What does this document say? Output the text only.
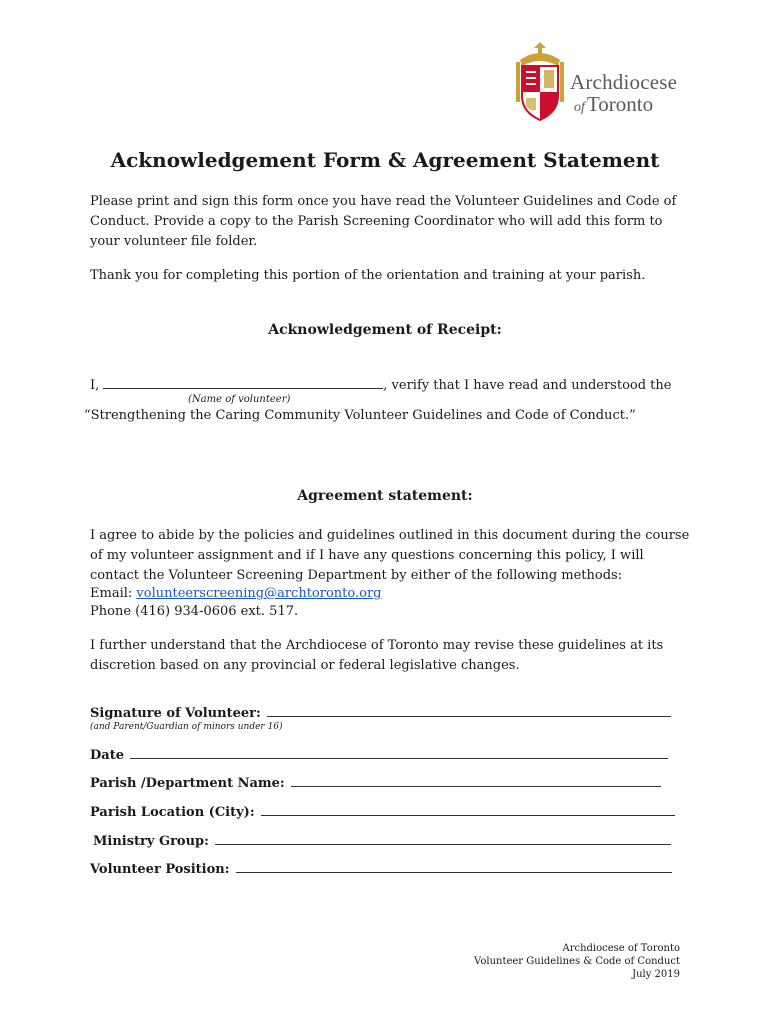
Archdiocese
ofToronto
Acknowledgement Form & Agreement Statement

Please print and sign this form once you have read the Volunteer Guidelines and Code of Conduct. Provide a copy to the Parish Screening Coordinator who will add this form to your volunteer file folder.

Thank you for completing this portion of the orientation and training at your parish.

Acknowledgement of Receipt:
I,	, verify that I have read and understood the
(Name of volunteer)

“Strengthening the Caring Community Volunteer Guidelines and Code of Conduct.”

Agreement statement:

I agree to abide by the policies and guidelines outlined in this document during the course of my volunteer assignment and if I have any questions concerning this policy, I will contact the Volunteer Screening Department by either of the following methods:

Email: volunteerscreening@archtoronto.org

Phone (416) 934-0606 ext. 517.

I further understand that the Archdiocese of Toronto may revise these guidelines at its discretion based on any provincial or federal legislative changes.

Signature of Volunteer:
(and Parent/Guardian of minors under 16)
Date
Parish /Department Name:
Parish Location (City):
Ministry Group:
Volunteer Position:
Archdiocese of Toronto
Volunteer Guidelines & Code of Conduct
July 2019
